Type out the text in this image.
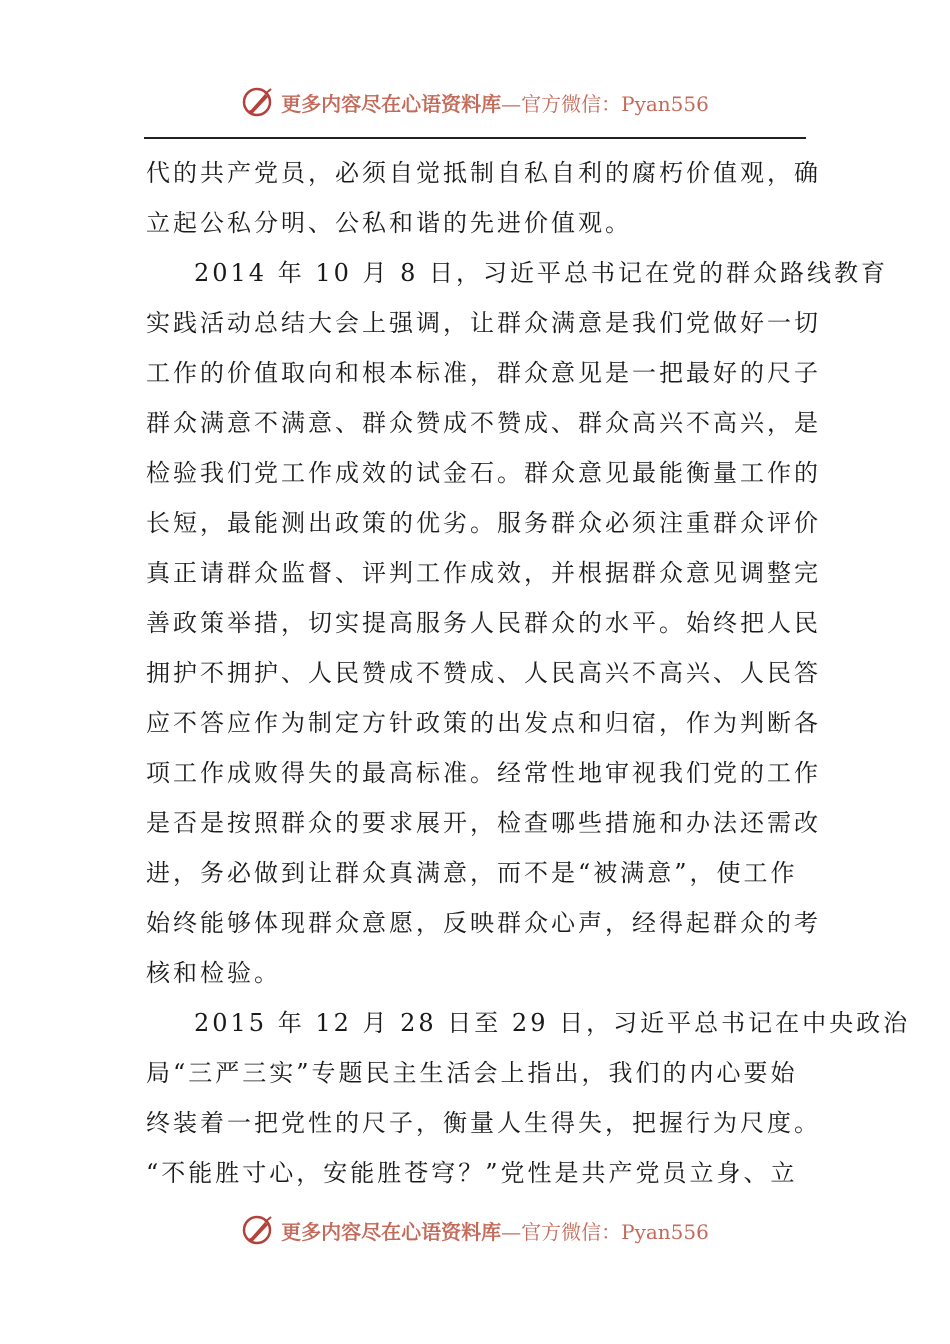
更多内容尽在心语资料库—官方微信：Pyan556
代的共产党员，必须自觉抵制自私自利的腐朽价值观，确
立起公私分明、公私和谐的先进价值观。
2014 年 10 月 8 日，习近平总书记在党的群众路线教育
实践活动总结大会上强调，让群众满意是我们党做好一切
工作的价值取向和根本标准，群众意见是一把最好的尺子
群众满意不满意、群众赞成不赞成、群众高兴不高兴，是
检验我们党工作成效的试金石。群众意见最能衡量工作的
长短，最能测出政策的优劣。服务群众必须注重群众评价
真正请群众监督、评判工作成效，并根据群众意见调整完
善政策举措，切实提高服务人民群众的水平。始终把人民
拥护不拥护、人民赞成不赞成、人民高兴不高兴、人民答
应不答应作为制定方针政策的出发点和归宿，作为判断各
项工作成败得失的最高标准。经常性地审视我们党的工作
是否是按照群众的要求展开，检查哪些措施和办法还需改
进，务必做到让群众真满意，而不是“被满意”，使工作
始终能够体现群众意愿，反映群众心声，经得起群众的考
核和检验。
2015 年 12 月 28 日至 29 日，习近平总书记在中央政治
局“三严三实”专题民主生活会上指出，我们的内心要始
终装着一把党性的尺子，衡量人生得失，把握行为尺度。
“不能胜寸心，安能胜苍穹？”党性是共产党员立身、立
更多内容尽在心语资料库—官方微信：Pyan556
